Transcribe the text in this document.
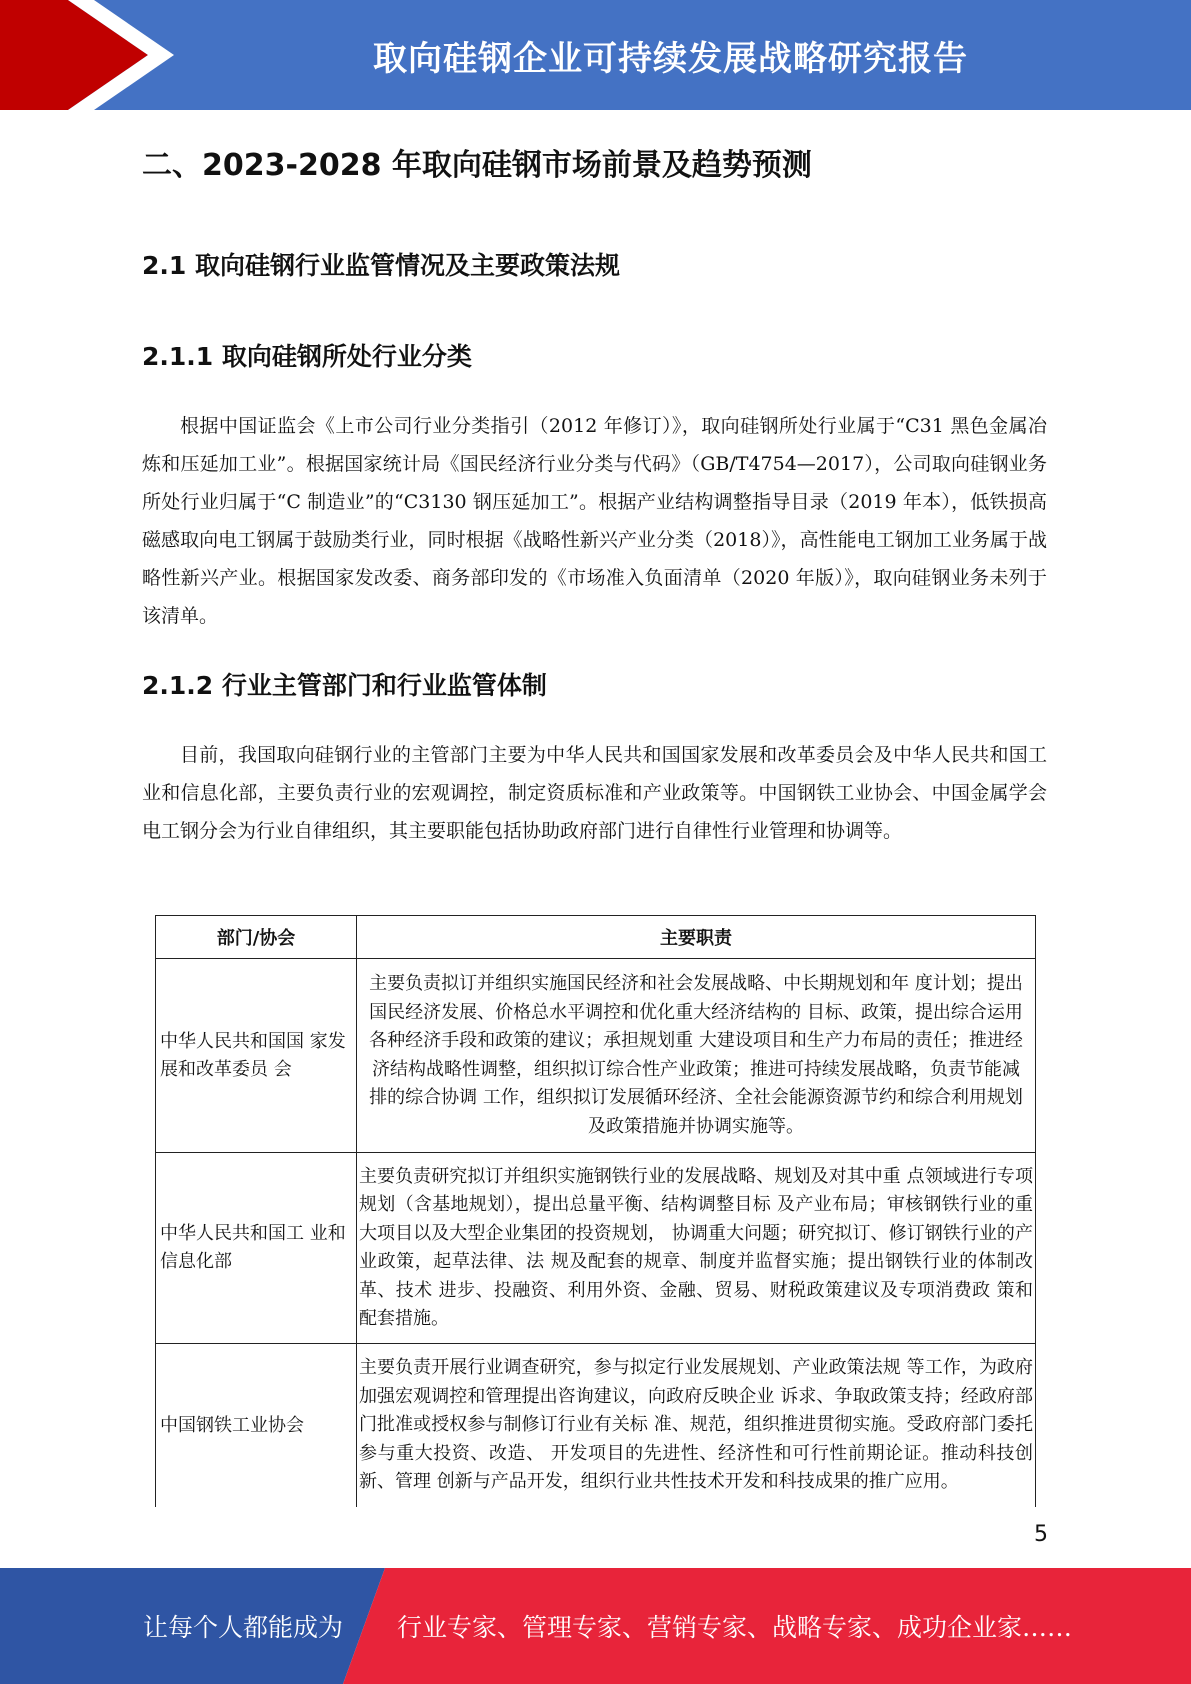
取向硅钢企业可持续发展战略研究报告
二、2023-2028 年取向硅钢市场前景及趋势预测
2.1 取向硅钢行业监管情况及主要政策法规
2.1.1 取向硅钢所处行业分类

根据中国证监会《上市公司行业分类指引（2012 年修订）》，取向硅钢所处行业属于“C31 黑色金属冶炼和压延加工业”。根据国家统计局《国民经济行业分类与代码》（GB/T4754—2017），公司取向硅钢业务所处行业归属于“C 制造业”的“C3130 钢压延加工”。根据产业结构调整指导目录（2019 年本），低铁损高磁感取向电工钢属于鼓励类行业，同时根据《战略性新兴产业分类（2018）》，高性能电工钢加工业务属于战略性新兴产业。根据国家发改委、商务部印发的《市场准入负面清单（2020 年版）》，取向硅钢业务未列于该清单。

2.1.2 行业主管部门和行业监管体制

目前，我国取向硅钢行业的主管部门主要为中华人民共和国国家发展和改革委员会及中华人民共和国工业和信息化部，主要负责行业的宏观调控，制定资质标准和产业政策等。中国钢铁工业协会、中国金属学会电工钢分会为行业自律组织，其主要职能包括协助政府部门进行自律性行业管理和协调等。

部门/协会	主要职责
中华人民共和国国 家发展和改革委员 会	主要负责拟订并组织实施国民经济和社会发展战略、中长期规划和年 度计划；提出国民经济发展、价格总水平调控和优化重大经济结构的 目标、政策，提出综合运用各种经济手段和政策的建议；承担规划重 大建设项目和生产力布局的责任；推进经济结构战略性调整，组织拟订综合性产业政策；推进可持续发展战略，负责节能减排的综合协调 工作，组织拟订发展循环经济、全社会能源资源节约和综合利用规划 及政策措施并协调实施等。
中华人民共和国工 业和信息化部	主要负责研究拟订并组织实施钢铁行业的发展战略、规划及对其中重 点领域进行专项规划（含基地规划），提出总量平衡、结构调整目标 及产业布局；审核钢铁行业的重大项目以及大型企业集团的投资规划， 协调重大问题；研究拟订、修订钢铁行业的产业政策，起草法律、法 规及配套的规章、制度并监督实施；提出钢铁行业的体制改革、技术 进步、投融资、利用外资、金融、贸易、财税政策建议及专项消费政 策和配套措施。
中国钢铁工业协会	主要负责开展行业调查研究，参与拟定行业发展规划、产业政策法规 等工作，为政府加强宏观调控和管理提出咨询建议，向政府反映企业 诉求、争取政策支持；经政府部门批准或授权参与制修订行业有关标 准、规范，组织推进贯彻实施。受政府部门委托参与重大投资、改造、 开发项目的先进性、经济性和可行性前期论证。推动科技创新、管理 创新与产品开发，组织行业共性技术开发和科技成果的推广应用。
5
让每个人都能成为 行业专家、管理专家、营销专家、战略专家、成功企业家……
